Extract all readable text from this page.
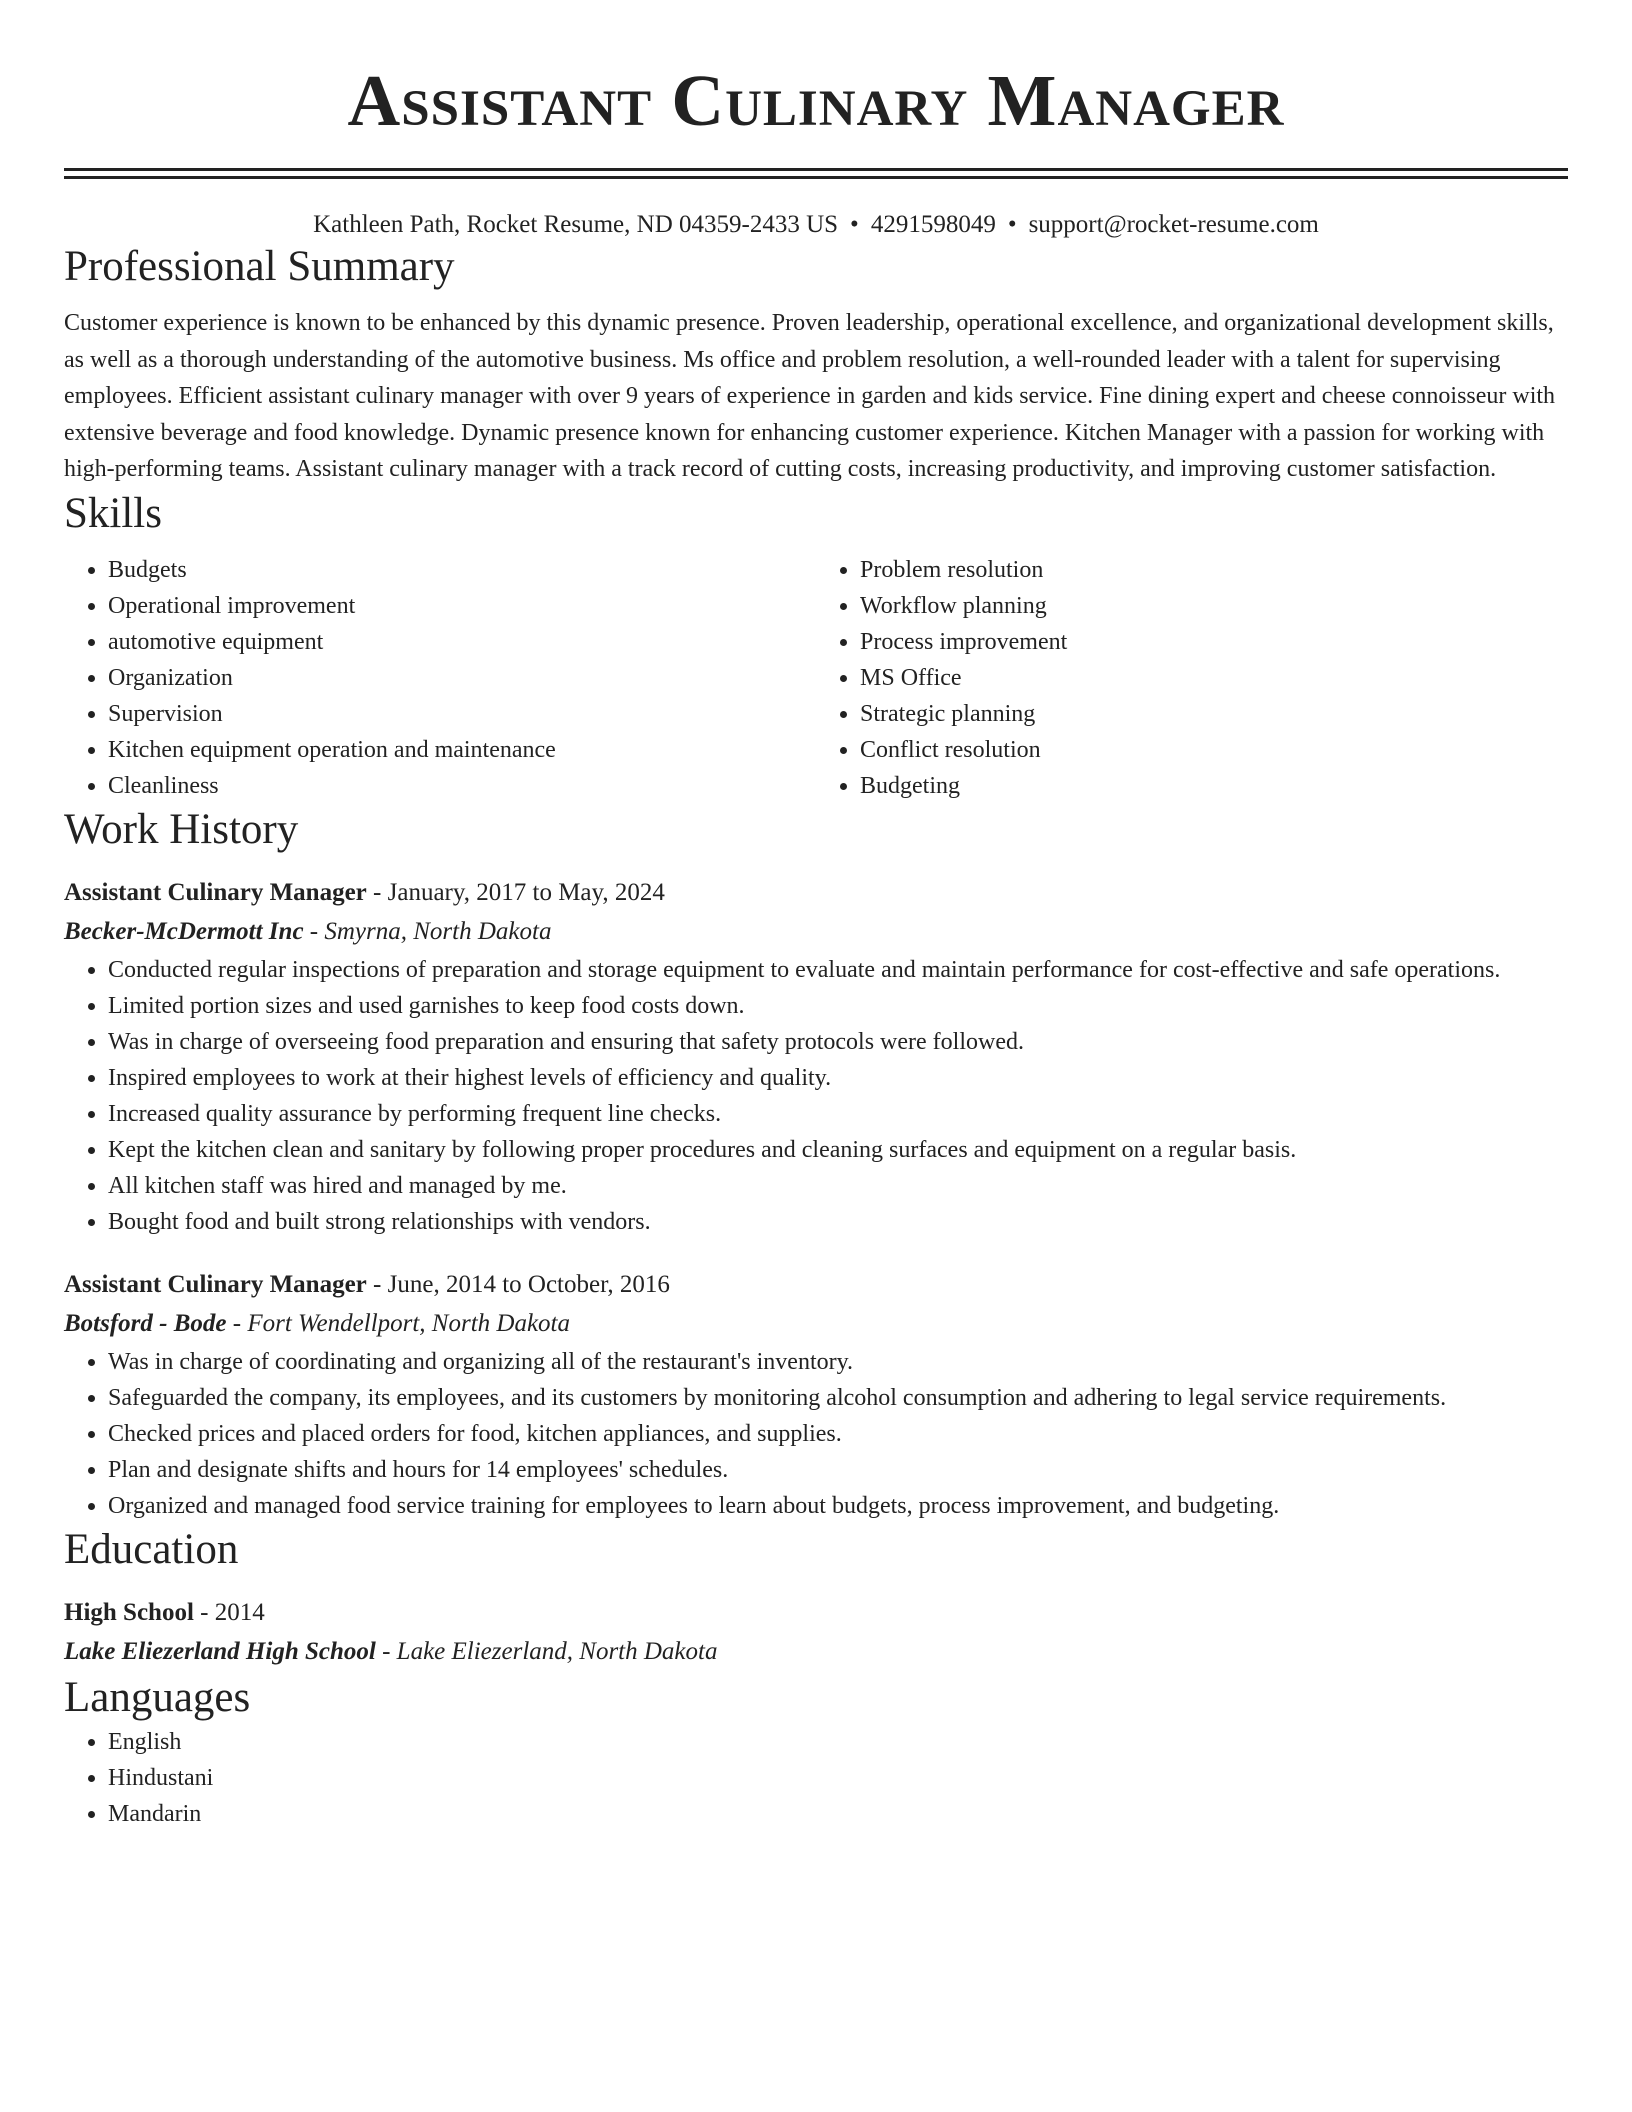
Assistant Culinary Manager
Kathleen Path, Rocket Resume, ND 04359-2433 US • 4291598049 • support@rocket-resume.com
Professional Summary
Customer experience is known to be enhanced by this dynamic presence. Proven leadership, operational excellence, and organizational development skills, as well as a thorough understanding of the automotive business. Ms office and problem resolution, a well-rounded leader with a talent for supervising employees. Efficient assistant culinary manager with over 9 years of experience in garden and kids service. Fine dining expert and cheese connoisseur with extensive beverage and food knowledge. Dynamic presence known for enhancing customer experience. Kitchen Manager with a passion for working with high-performing teams. Assistant culinary manager with a track record of cutting costs, increasing productivity, and improving customer satisfaction.
Skills
• Budgets
• Operational improvement
• automotive equipment
• Organization
• Supervision
• Kitchen equipment operation and maintenance
• Cleanliness
• Problem resolution
• Workflow planning
• Process improvement
• MS Office
• Strategic planning
• Conflict resolution
• Budgeting
Work History
Assistant Culinary Manager - January, 2017 to May, 2024
Becker-McDermott Inc - Smyrna, North Dakota
• Conducted regular inspections of preparation and storage equipment to evaluate and maintain performance for cost-effective and safe operations.
• Limited portion sizes and used garnishes to keep food costs down.
• Was in charge of overseeing food preparation and ensuring that safety protocols were followed.
• Inspired employees to work at their highest levels of efficiency and quality.
• Increased quality assurance by performing frequent line checks.
• Kept the kitchen clean and sanitary by following proper procedures and cleaning surfaces and equipment on a regular basis.
• All kitchen staff was hired and managed by me.
• Bought food and built strong relationships with vendors.
Assistant Culinary Manager - June, 2014 to October, 2016
Botsford - Bode - Fort Wendellport, North Dakota
• Was in charge of coordinating and organizing all of the restaurant's inventory.
• Safeguarded the company, its employees, and its customers by monitoring alcohol consumption and adhering to legal service requirements.
• Checked prices and placed orders for food, kitchen appliances, and supplies.
• Plan and designate shifts and hours for 14 employees' schedules.
• Organized and managed food service training for employees to learn about budgets, process improvement, and budgeting.
Education
High School - 2014
Lake Eliezerland High School - Lake Eliezerland, North Dakota
Languages
• English
• Hindustani
• Mandarin
